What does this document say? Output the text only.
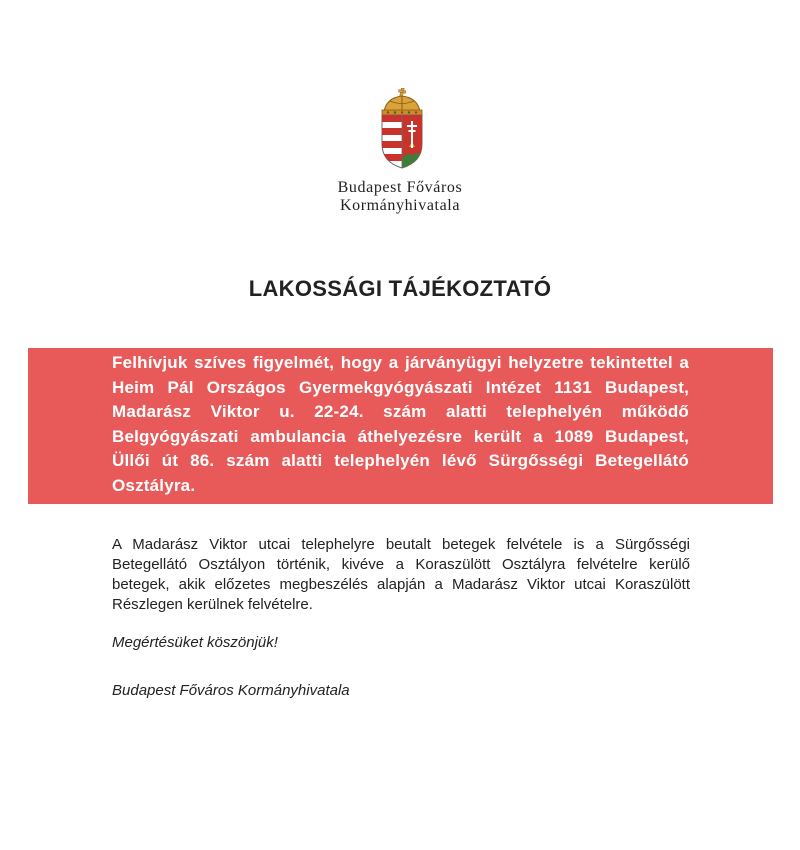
Budapest Főváros
Kormányhivatala
LAKOSSÁGI TÁJÉKOZTATÓ

Felhívjuk szíves figyelmét, hogy a járványügyi helyzetre tekintettel a Heim Pál Országos Gyermekgyógyászati Intézet 1131 Budapest, Madarász Viktor u. 22-24. szám alatti telephelyén működő Belgyógyászati ambulancia áthelyezésre került a 1089 Budapest, Üllői út 86. szám alatti telephelyén lévő Sürgősségi Betegellátó Osztályra.

A Madarász Viktor utcai telephelyre beutalt betegek felvétele is a Sürgősségi Betegellátó Osztályon történik, kivéve a Koraszülött Osztályra felvételre kerülő betegek, akik előzetes megbeszélés alapján a Madarász Viktor utcai Koraszülött Részlegen kerülnek felvételre.

Megértésüket köszönjük!
Budapest Főváros Kormányhivatala
